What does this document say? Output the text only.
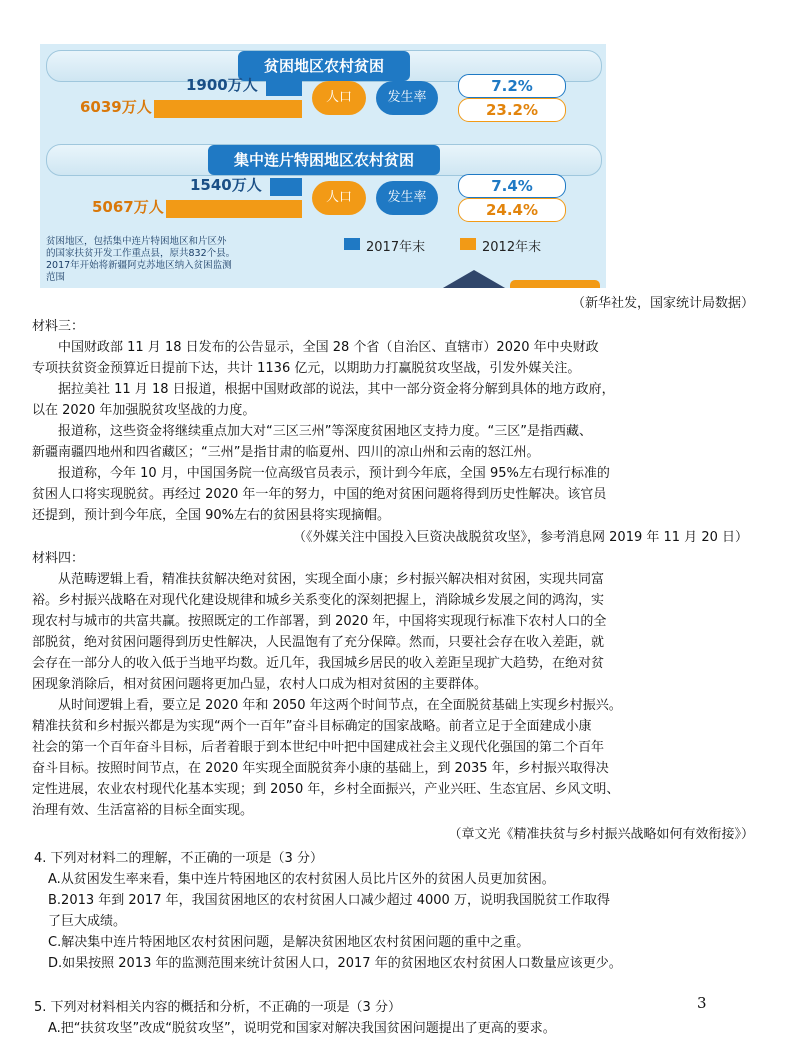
贫困地区农村贫困
1900万人
6039万人
人口	发生率
7.2%
23.2%
集中连片特困地区农村贫困
1540万人
5067万人
人口	发生率
7.4%
24.4%
贫困地区，包括集中连片特困地区和片区外
的国家扶贫开发工作重点县，原共832个县。
2017年开始将新疆阿克苏地区纳入贫困监测
范围
2017年末	2012年末
（新华社发，国家统计局数据）
材料三：
中国财政部 11 月 18 日发布的公告显示，全国 28 个省（自治区、直辖市）2020 年中央财政
专项扶贫资金预算近日提前下达，共计 1136 亿元，以期助力打赢脱贫攻坚战，引发外媒关注。
据拉美社 11 月 18 日报道，根据中国财政部的说法，其中一部分资金将分解到具体的地方政府，
以在 2020 年加强脱贫攻坚战的力度。
报道称，这些资金将继续重点加大对“三区三州”等深度贫困地区支持力度。“三区”是指西藏、
新疆南疆四地州和四省藏区；“三州”是指甘肃的临夏州、四川的凉山州和云南的怒江州。
报道称，今年 10 月，中国国务院一位高级官员表示，预计到今年底，全国 95%左右现行标准的
贫困人口将实现脱贫。再经过 2020 年一年的努力，中国的绝对贫困问题将得到历史性解决。该官员
还提到，预计到今年底，全国 90%左右的贫困县将实现摘帽。
（《外媒关注中国投入巨资决战脱贫攻坚》，参考消息网 2019 年 11 月 20 日）
材料四：
从范畴逻辑上看，精准扶贫解决绝对贫困，实现全面小康；乡村振兴解决相对贫困，实现共同富
裕。乡村振兴战略在对现代化建设规律和城乡关系变化的深刻把握上，消除城乡发展之间的鸿沟，实
现农村与城市的共富共赢。按照既定的工作部署，到 2020 年，中国将实现现行标准下农村人口的全
部脱贫，绝对贫困问题得到历史性解决，人民温饱有了充分保障。然而，只要社会存在收入差距，就
会存在一部分人的收入低于当地平均数。近几年，我国城乡居民的收入差距呈现扩大趋势，在绝对贫
困现象消除后，相对贫困问题将更加凸显，农村人口成为相对贫困的主要群体。
从时间逻辑上看，要立足 2020 年和 2050 年这两个时间节点，在全面脱贫基础上实现乡村振兴。
精准扶贫和乡村振兴都是为实现“两个一百年”奋斗目标确定的国家战略。前者立足于全面建成小康
社会的第一个百年奋斗目标，后者着眼于到本世纪中叶把中国建成社会主义现代化强国的第二个百年
奋斗目标。按照时间节点，在 2020 年实现全面脱贫奔小康的基础上，到 2035 年，乡村振兴取得决
定性进展，农业农村现代化基本实现；到 2050 年，乡村全面振兴，产业兴旺、生态宜居、乡风文明、
治理有效、生活富裕的目标全面实现。
（章文光《精准扶贫与乡村振兴战略如何有效衔接》）
4. 下列对材料二的理解，不正确的一项是（3 分）
A.从贫困发生率来看，集中连片特困地区的农村贫困人员比片区外的贫困人员更加贫困。
B.2013 年到 2017 年，我国贫困地区的农村贫困人口减少超过 4000 万，说明我国脱贫工作取得
了巨大成绩。
C.解决集中连片特困地区农村贫困问题，是解决贫困地区农村贫困问题的重中之重。
D.如果按照 2013 年的监测范围来统计贫困人口，2017 年的贫困地区农村贫困人口数量应该更少。
5. 下列对材料相关内容的概括和分析，不正确的一项是（3 分）
A.把“扶贫攻坚”改成“脱贫攻坚”，说明党和国家对解决我国贫困问题提出了更高的要求。
3
